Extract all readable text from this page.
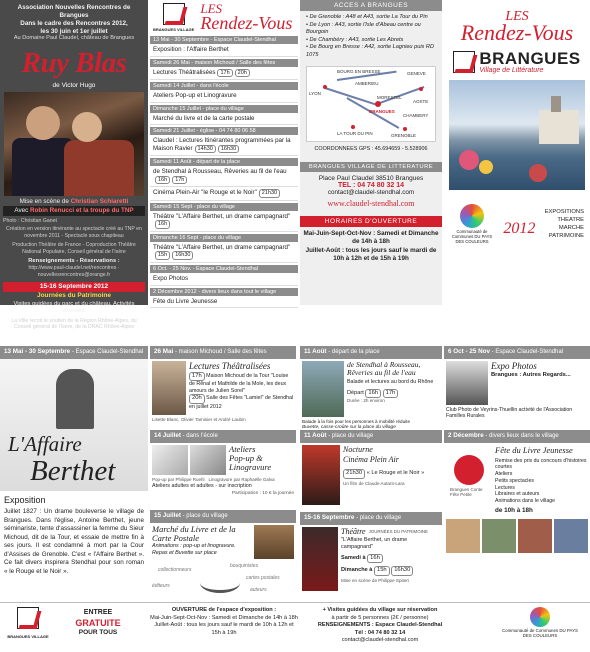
Association Nouvelles Rencontres de Brangues
Dans le cadre des Rencontres 2012,
les 30 juin et 1er juillet
Au Domaine Paul Claudel, château de Brangues
Ruy Blas
de Victor Hugo
Mise en scène de Christian Schiaretti
Avec Robin Renucci et la troupe du TNP
Photo : Christian Ganet
Création en version itinérante au spectacle créé au TNP en novembre 2011 - Spectacle sous chapiteau
Production Théâtre de France - Coproduction Théâtre National Populaire, Conseil général de l'Isère
Renseignements - Réservations :
http://www.paul-claudel.net/rencontres · nouvellesrencontres@orange.fr
15-16 Septembre 2012
Journées du Patrimoine
Visites guidées du parc et du château. Activités diverses.
La Ville recoit le soutien de la Région Rhône-Alpes, du Conseil général de l'Isère, de la DRAC Rhône-Alpes
BRANGUES VILLAGE
LES
Rendez-Vous
13 Mai - 30 Septembre - Espace Claudel-Stendhal
Exposition : l'Affaire Berthet
Samedi 26 Mai - maison Michoud / Salle des fêtes
Lectures Théâtralisées 17h 20h
Samedi 14 Juillet - dans l'école
Ateliers Pop-up et Linogravure
Dimanche 15 Juillet - place du village
Marché du livre et de la carte postale
Samedi 21 Juillet - église - 04 74 80 06 58
Claudel : Lectures Itinérantes programmées par la Maison Ravier 14h30 16h30
Samedi 11 Août - départ de la place
de Stendhal à Rousseau, Rêveries au fil de l'eau16h 17h
Cinéma Plein-Air "le Rouge et le Noir" 21h30
Samedi 15 Sept - place du village
Théâtre "L'Affaire Berthet, un drame campagnard"16h
Dimanche 16 Sept - place du village
Théâtre "L'Affaire Berthet, un drame campagnard"15h 16h30
6 Oct. - 25 Nov. - Espace Claudel-Stendhal
Expo Photos
2 Décembre 2012 - divers lieux dans tout le village
Fête du Livre Jeunesse
ACCES A BRANGUES
• De Grenoble : A48 et A43, sortie La Tour du Pin
• De Lyon : A43, sortie l'Isle d'Abeau centre ou Bourgoin
• De Chambéry : A43, sortie Les Abrets
• De Bourg en Bresse : A42, sortie Lagnieu puis RD 1075
LYON
GENEVE
BOURG EN BRESSE
AMBERIEU
CHAMBERY
GRENOBLE
LA TOUR DU PIN
BRANGUES
MORESTEL
AOSTE
COORDONNEES GPS : 45.694659 - 5.528906
BRANGUES VILLAGE DE LITTERATURE
Place Paul Claudel 38510 Brangues
TEL : 04 74 80 32 14
contact@claudel-stendhal.com
www.claudel-stendhal.com
HORAIRES D'OUVERTURE
Mai-Juin-Sept-Oct-Nov : Samedi et Dimanche de 14h à 18h
Juillet-Août : tous les jours sauf le mardi de 10h à 12h et de 15h à 19h
LES
Rendez-Vous
BRANGUES
Village de Littérature
Communauté de Communes DU PAYS DES COULEURS
2012
EXPOSITIONS
THEATRE
MARCHE
PATRIMOINE
13 Mai - 30 Septembre - Espace Claudel-Stendhal
L'Affaire
Berthet
Exposition
Juillet 1827 : Un drame bouleverse le village de Brangues. Dans l'église, Antoine Berthet, jeune séminariste, tente d'assassiner la femme du Sieur Michoud, dit de la Tour, et essaie de mettre fin à ses jours. Il est condamné à mort par la Cour d'Assises de Grenoble. C'est « l'Affaire Berthet ». Ce fait divers inspirera Stendhal pour son roman « le Rouge et le Noir ».
26 Mai - maison Michoud / Salle des fêtes
Lectures Théâtralisées
17h Maison Michoud de la Tour "Louise de Rênal et Mathilde de la Mole, les deux amours de Julien Sorel"
20h Salle des Fêtes "Lamiel" de Stendhal en juillet 2012
Lisette Blanc, Olivier Tamisier et André Laubin
14 Juillet - dans l'école
Ateliers
Pop-up &
Linogravure
Pop-up par Philippe Ruehl Linogravure par Raphaëlle Galva
Ateliers adultes et adultes - sur inscription
Participation : 10 € la journée
15 Juillet - place du village
Marché du Livre et de la Carte Postale
Animations : pop-up et linogravure. Repas et Buvette sur place
collectionneurs
bouquinistes
cartes postales
éditeurs
auteurs
11 Août - départ de la place
de Stendhal à Rousseau, Rêveries au fil de l'eau
Balade et lectures au bord du Rhône
Départ 16h 17h
Durée : 2h environ
Balade à la fois pour les personnes à mobilité réduite
Buvette, casse-croûte sur la place du village
11 Août - place du village
Nocturne
Cinéma Plein Air
21h30 « Le Rouge et le Noir »
Un film de Claude Autant-Lara
15-16 Septembre - place du village
Théâtre JOURNÉES DU PATRIMOINE
"L'Affaire Berthet, un drame campagnard"
Samedi à 16h
Dimanche à 15h 16h30
Mise en scène de Philippe Spiteri
6 Oct - 25 Nov - Espace Claudel-Stendhal
Expo Photos
Brangues : Autres Regards...
Club Photo de Veyrins-Thuellin activité de l'Association Familles Rurales
2 Décembre - divers lieux dans le village
Brangues Conte Fête Petite
Fête du Livre Jeunesse
Remise des prix du concours d'histoires courtes
Ateliers
Petits spectacles
Lectures
Libraires et auteurs
Animations dans le village
de 10h à 18h
BRANGUES VILLAGE
ENTREE
GRATUITE
POUR TOUS
OUVERTURE de l'espace d'exposition :
Mai-Juin-Sept-Oct-Nov : Samedi et Dimanche de 14h à 18h
Juillet-Août : tous les jours sauf le mardi de 10h à 12h et 15h à 19h
+ Visites guidées du village sur réservation
à partir de 5 personnes (2€ / personne)
RENSEIGNEMENTS : Espace Claudel-Stendhal
Tél : 04 74 80 32 14
contact@claudel-stendhal.com
Communauté de Communes DU PAYS DES COULEURS
